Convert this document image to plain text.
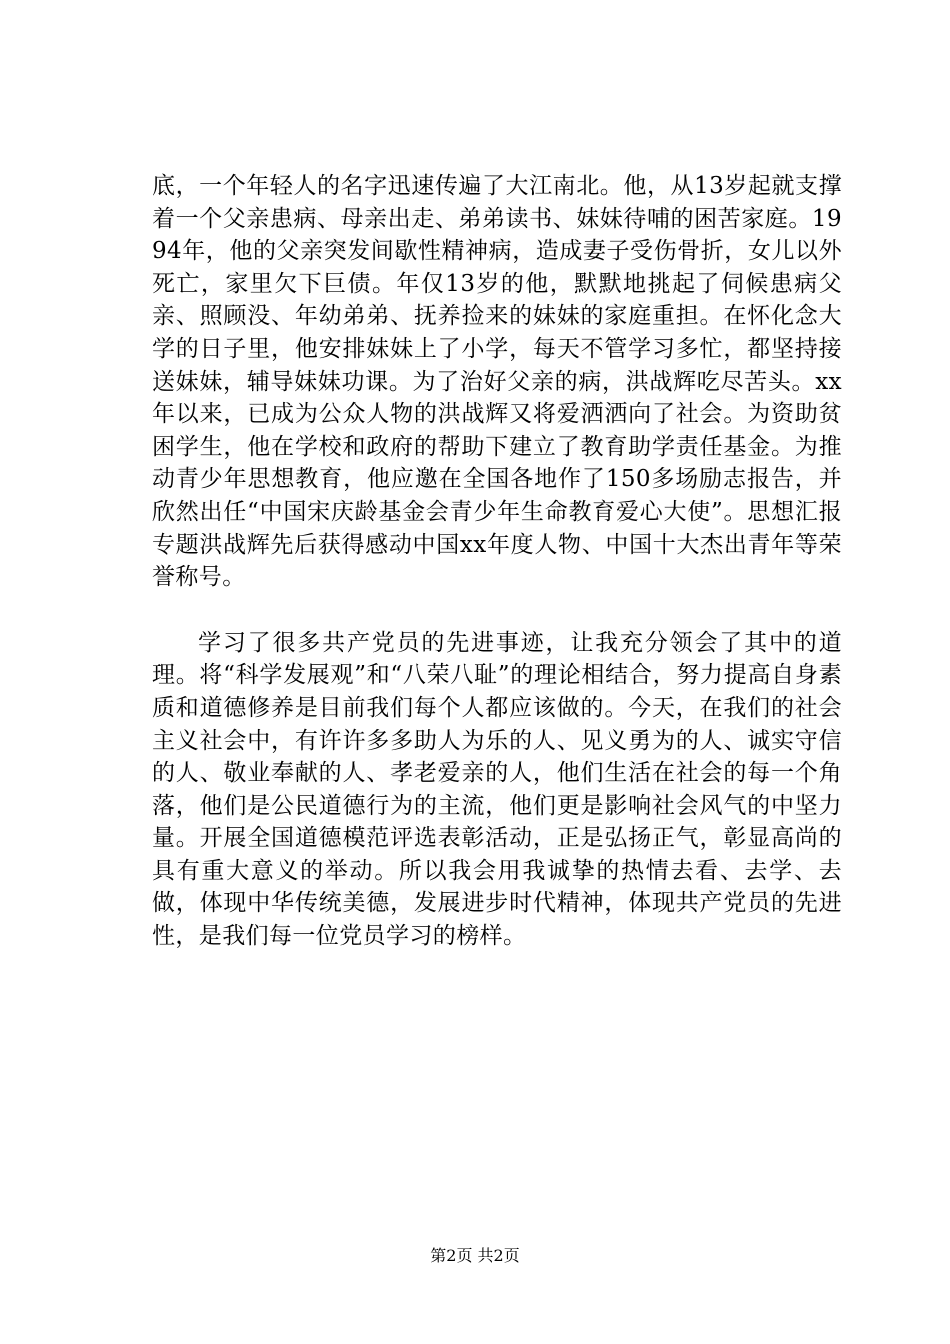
底，一个年轻人的名字迅速传遍了大江南北。他，从13岁起就支撑着一个父亲患病、母亲出走、弟弟读书、妹妹待哺的困苦家庭。1994年，他的父亲突发间歇性精神病，造成妻子受伤骨折，女儿以外死亡，家里欠下巨债。年仅13岁的他，默默地挑起了伺候患病父亲、照顾没、年幼弟弟、抚养捡来的妹妹的家庭重担。在怀化念大学的日子里，他安排妹妹上了小学，每天不管学习多忙，都坚持接送妹妹，辅导妹妹功课。为了治好父亲的病，洪战辉吃尽苦头。xx年以来，已成为公众人物的洪战辉又将爱洒洒向了社会。为资助贫困学生，他在学校和政府的帮助下建立了教育助学责任基金。为推动青少年思想教育，他应邀在全国各地作了150多场励志报告，并欣然出任“中国宋庆龄基金会青少年生命教育爱心大使”。思想汇报专题洪战辉先后获得感动中国xx年度人物、中国十大杰出青年等荣誉称号。

学习了很多共产党员的先进事迹，让我充分领会了其中的道理。将“科学发展观”和“八荣八耻”的理论相结合，努力提高自身素质和道德修养是目前我们每个人都应该做的。今天，在我们的社会主义社会中，有许许多多助人为乐的人、见义勇为的人、诚实守信的人、敬业奉献的人、孝老爱亲的人，他们生活在社会的每一个角落，他们是公民道德行为的主流，他们更是影响社会风气的中坚力量。开展全国道德模范评选表彰活动，正是弘扬正气，彰显高尚的具有重大意义的举动。所以我会用我诚挚的热情去看、去学、去做，体现中华传统美德，发展进步时代精神，体现共产党员的先进性，是我们每一位党员学习的榜样。

第2页 共2页
